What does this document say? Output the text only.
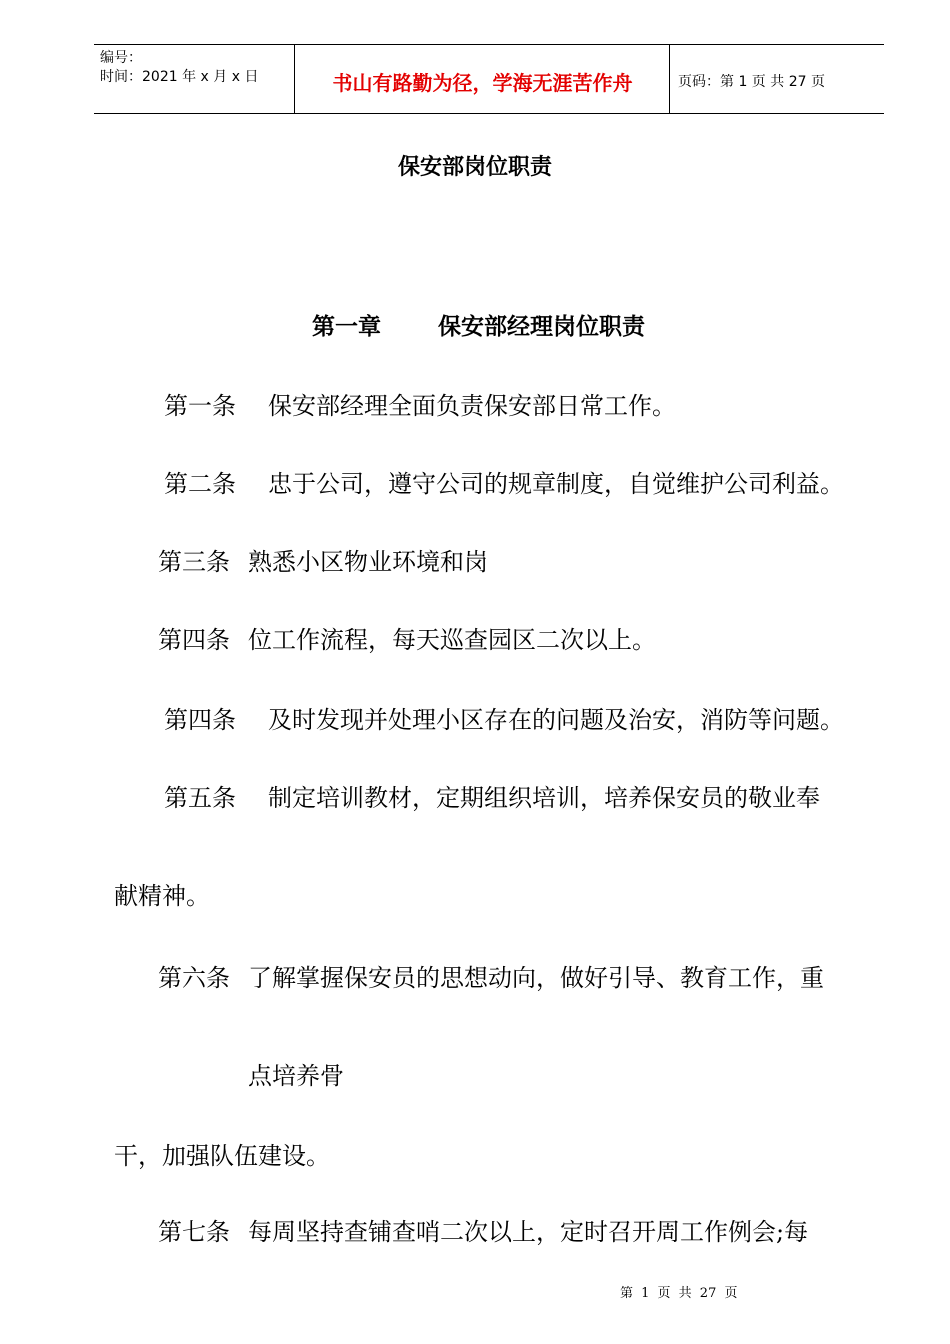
编号：
时间：2021 年 x 月 x 日	书山有路勤为径，学海无涯苦作舟	页码：第 1 页 共 27 页
保安部岗位职责
第一章 保安部经理岗位职责
第一条 保安部经理全面负责保安部日常工作。
第二条 忠于公司，遵守公司的规章制度，自觉维护公司利益。
第三条 熟悉小区物业环境和岗
第四条 位工作流程，每天巡查园区二次以上。
第四条 及时发现并处理小区存在的问题及治安，消防等问题。
第五条 制定培训教材，定期组织培训，培养保安员的敬业奉
献精神。
第六条 了解掌握保安员的思想动向，做好引导、教育工作，重
点培养骨
干，加强队伍建设。
第七条 每周坚持查铺查哨二次以上，定时召开周工作例会;每
第 1 页 共 27 页
